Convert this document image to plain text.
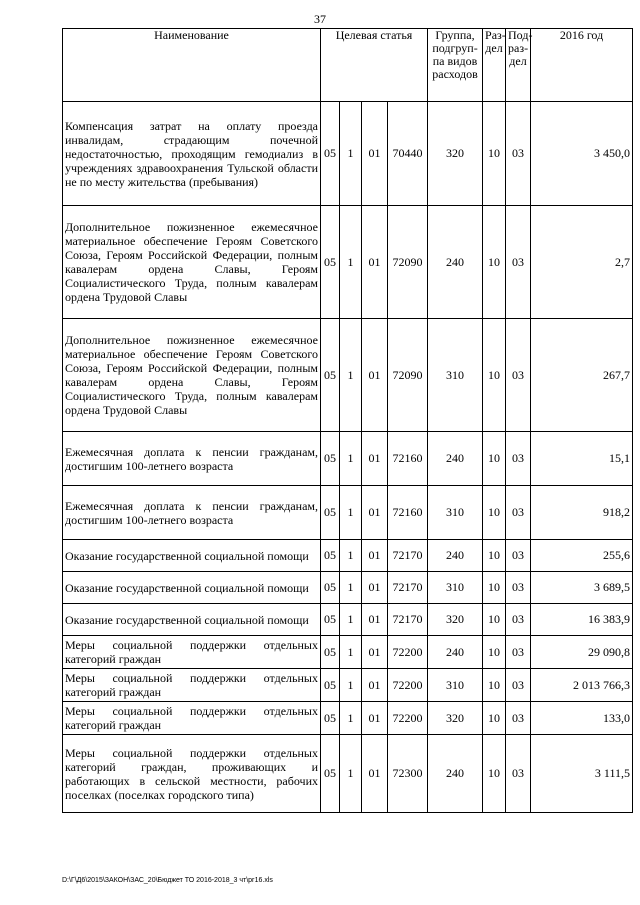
37
Наименование	Целевая статья				Группа, подгруп-па видов расходов	Раз-дел	Под-раз-дел	2016 год
Компенсация затрат на оплату проезда инвалидам, страдающим почечной недостаточностью, проходящим гемодиализ в учреждениях здравоохранения Тульской области не по месту жительства (пребывания)	05	1	01	70440	320	10	03	3 450,0
Дополнительное пожизненное ежемесячное материальное обеспечение Героям Советского Союза, Героям Российской Федерации, полным кавалерам ордена Славы, Героям Социалистического Труда, полным кавалерам ордена Трудовой Славы	05	1	01	72090	240	10	03	2,7
Дополнительное пожизненное ежемесячное материальное обеспечение Героям Советского Союза, Героям Российской Федерации, полным кавалерам ордена Славы, Героям Социалистического Труда, полным кавалерам ордена Трудовой Славы	05	1	01	72090	310	10	03	267,7
Ежемесячная доплата к пенсии гражданам, достигшим 100-летнего возраста	05	1	01	72160	240	10	03	15,1
Ежемесячная доплата к пенсии гражданам, достигшим 100-летнего возраста	05	1	01	72160	310	10	03	918,2
Оказание государственной социальной помощи	05	1	01	72170	240	10	03	255,6
Оказание государственной социальной помощи	05	1	01	72170	310	10	03	3 689,5
Оказание государственной социальной помощи	05	1	01	72170	320	10	03	16 383,9
Меры социальной поддержки отдельных категорий граждан	05	1	01	72200	240	10	03	29 090,8
Меры социальной поддержки отдельных категорий граждан	05	1	01	72200	310	10	03	2 013 766,3
Меры социальной поддержки отдельных категорий граждан	05	1	01	72200	320	10	03	133,0
Меры социальной поддержки отдельных категорий граждан, проживающих и работающих в сельской местности, рабочих поселках (поселках городского типа)	05	1	01	72300	240	10	03	3 111,5
D:\Г\Д6\2015\ЗАКОН\ЗАС_20\Бюджет ТО 2016-2018_3 чт\рг16.xls
